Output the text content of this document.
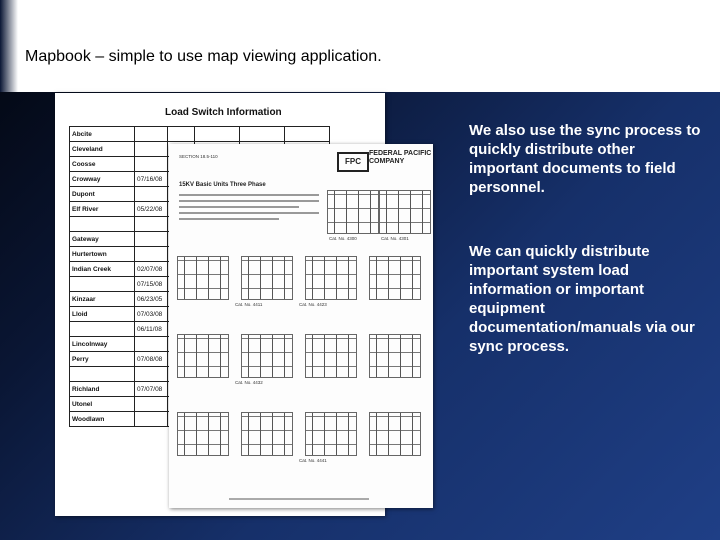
Mapbook – simple to use map viewing application.
Load Switch Information
Abcite					
Cleveland					
Coosse					
Crowway	07/16/08				
Dupont					
Elf River	05/22/08				

Gateway					
Hurtertown					
Indian Creek	02/07/08				
	07/15/08				
Kinzaar	06/23/05				
Lloid	07/03/08				
	06/11/08				
Lincolnway					
Perry	07/08/08				

Richland	07/07/08				
Utonel					
Woodlawn					
SECTION 18.5-110
FPC
FEDERAL PACIFIC COMPANY
15KV Basic Units Three Phase
Cat. No. 4300	Cat. No. 4301
Cat. No. 4411	Cat. No. 4423
Cat. No. 4432
Cat. No. 4441

We also use the sync process to quickly distribute other important documents to field personnel.

We can quickly distribute important system load information or important equipment documentation/manuals via our sync process.
